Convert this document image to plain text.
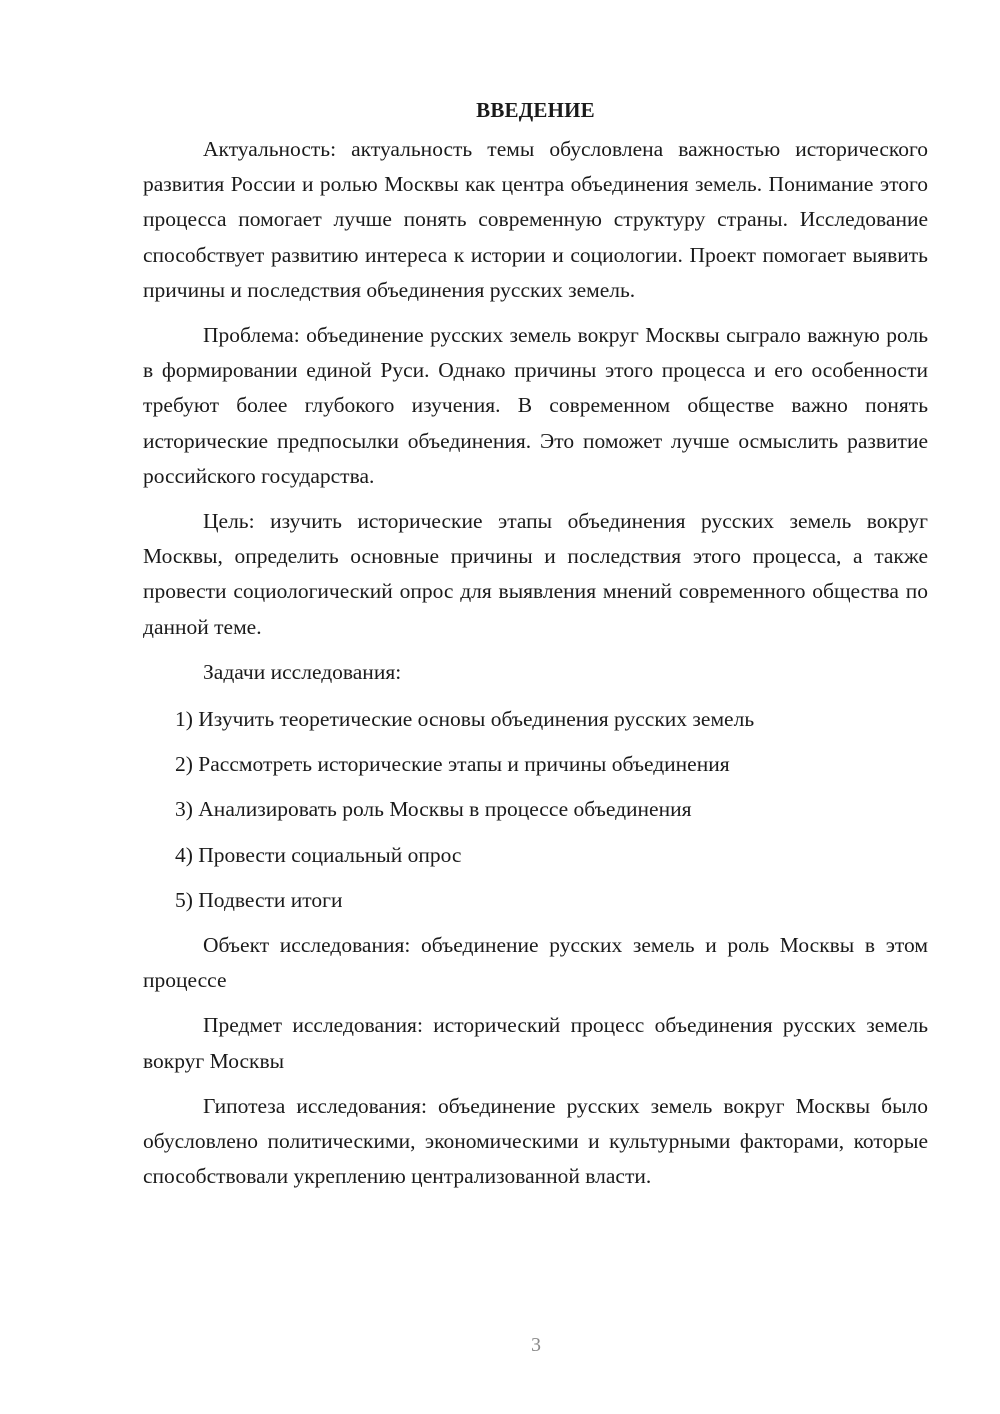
ВВЕДЕНИЕ

Актуальность: актуальность темы обусловлена важностью исторического развития России и ролью Москвы как центра объединения земель. Понимание этого процесса помогает лучше понять современную структуру страны. Исследование способствует развитию интереса к истории и социологии. Проект помогает выявить причины и последствия объединения русских земель.

Проблема: объединение русских земель вокруг Москвы сыграло важную роль в формировании единой Руси. Однако причины этого процесса и его особенности требуют более глубокого изучения. В современном обществе важно понять исторические предпосылки объединения. Это поможет лучше осмыслить развитие российского государства.

Цель: изучить исторические этапы объединения русских земель вокруг Москвы, определить основные причины и последствия этого процесса, а также провести социологический опрос для выявления мнений современного общества по данной теме.

Задачи исследования:

1) Изучить теоретические основы объединения русских земель
2) Рассмотреть исторические этапы и причины объединения
3) Анализировать роль Москвы в процессе объединения
4) Провести социальный опрос
5) Подвести итоги

Объект исследования: объединение русских земель и роль Москвы в этом процессе

Предмет исследования: исторический процесс объединения русских земель вокруг Москвы

Гипотеза исследования: объединение русских земель вокруг Москвы было обусловлено политическими, экономическими и культурными факторами, которые способствовали укреплению централизованной власти.

3
